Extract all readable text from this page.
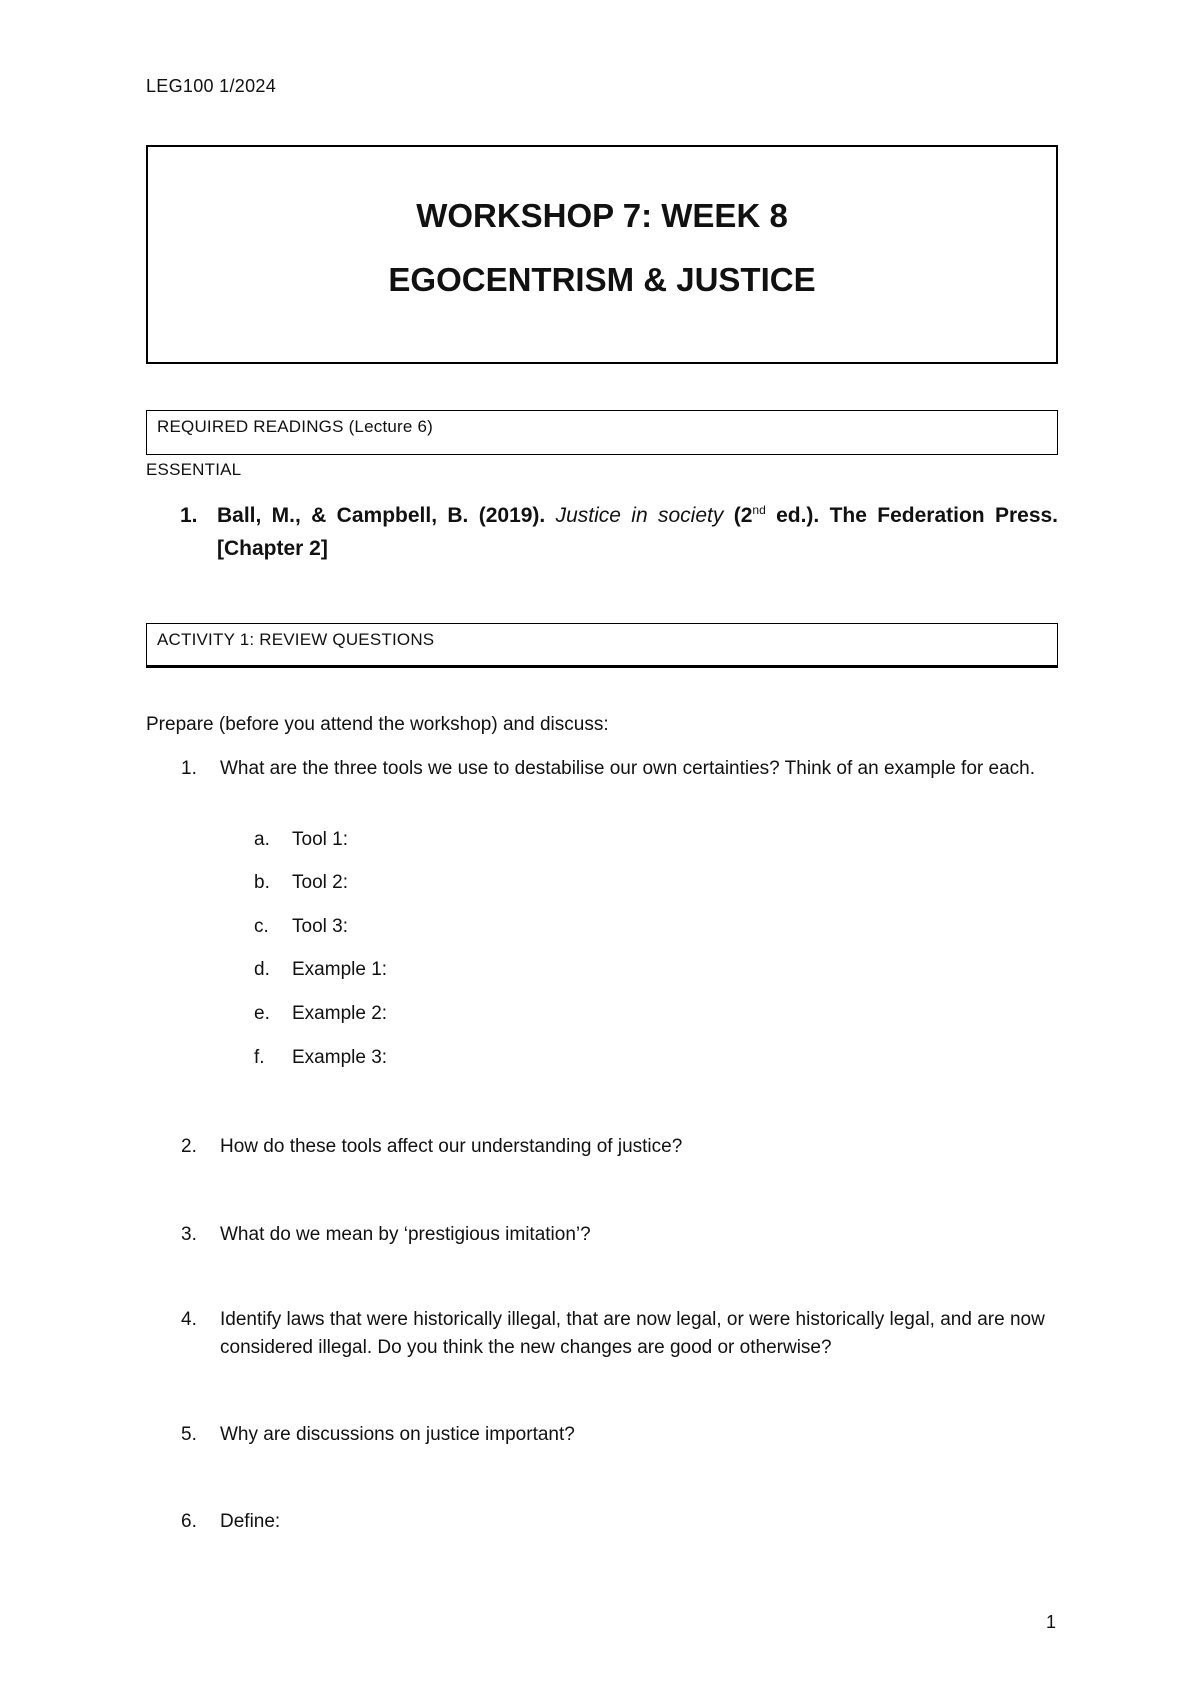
LEG100 1/2024
WORKSHOP 7: WEEK 8
EGOCENTRISM & JUSTICE
REQUIRED READINGS (Lecture 6)
ESSENTIAL
1. Ball, M., & Campbell, B. (2019). Justice in society (2nd ed.). The Federation Press.
[Chapter 2]
ACTIVITY 1: REVIEW QUESTIONS
Prepare (before you attend the workshop) and discuss:
1.	What are the three tools we use to destabilise our own certainties? Think of an example for each.
a.	Tool 1:
b.	Tool 2:
c.	Tool 3:
d.	Example 1:
e.	Example 2:
f.	Example 3:
2.	How do these tools affect our understanding of justice?
3.	What do we mean by ‘prestigious imitation’?
4.	Identify laws that were historically illegal, that are now legal, or were historically legal, and are now considered illegal. Do you think the new changes are good or otherwise?
5.	Why are discussions on justice important?
6.	Define:
1
